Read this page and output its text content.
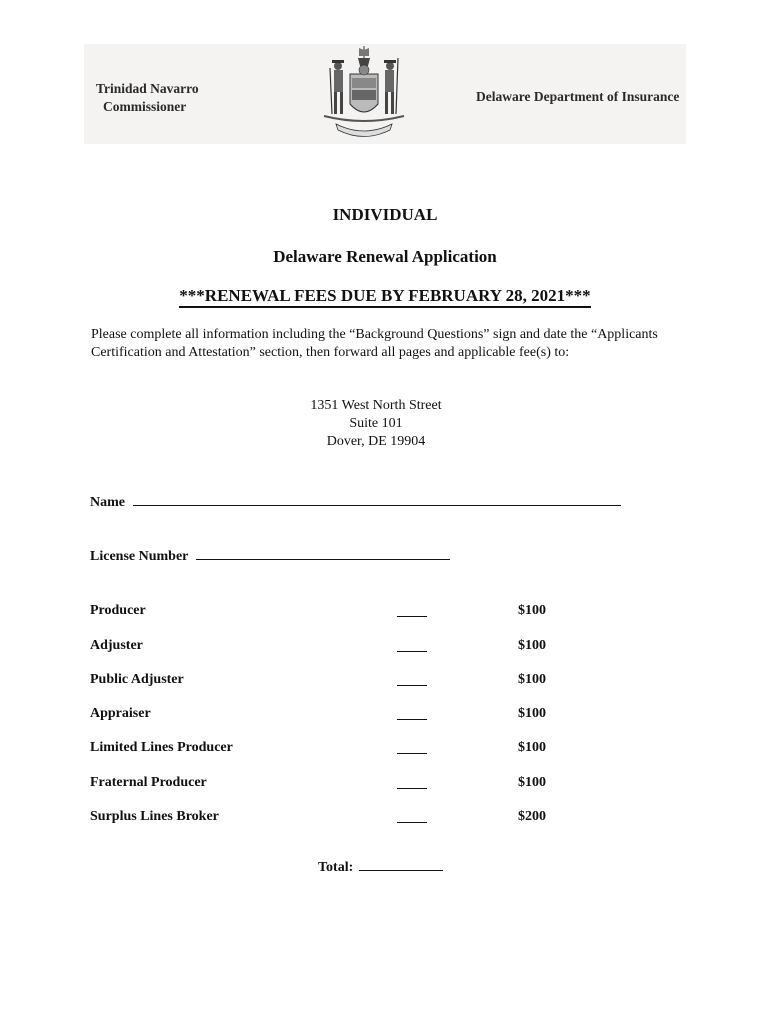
Trinidad Navarro
Commissioner
Delaware Department of Insurance
INDIVIDUAL
Delaware Renewal Application
***RENEWAL FEES DUE BY FEBRUARY 28, 2021***
Please complete all information including the “Background Questions” sign and date the “Applicants Certification and Attestation” section, then forward all pages and applicable fee(s) to:
1351 West North Street
Suite 101
Dover, DE 19904
Name
License Number
Producer	$100
Adjuster	$100
Public Adjuster	$100
Appraiser	$100
Limited Lines Producer	$100
Fraternal Producer	$100
Surplus Lines Broker	$200
Total:
